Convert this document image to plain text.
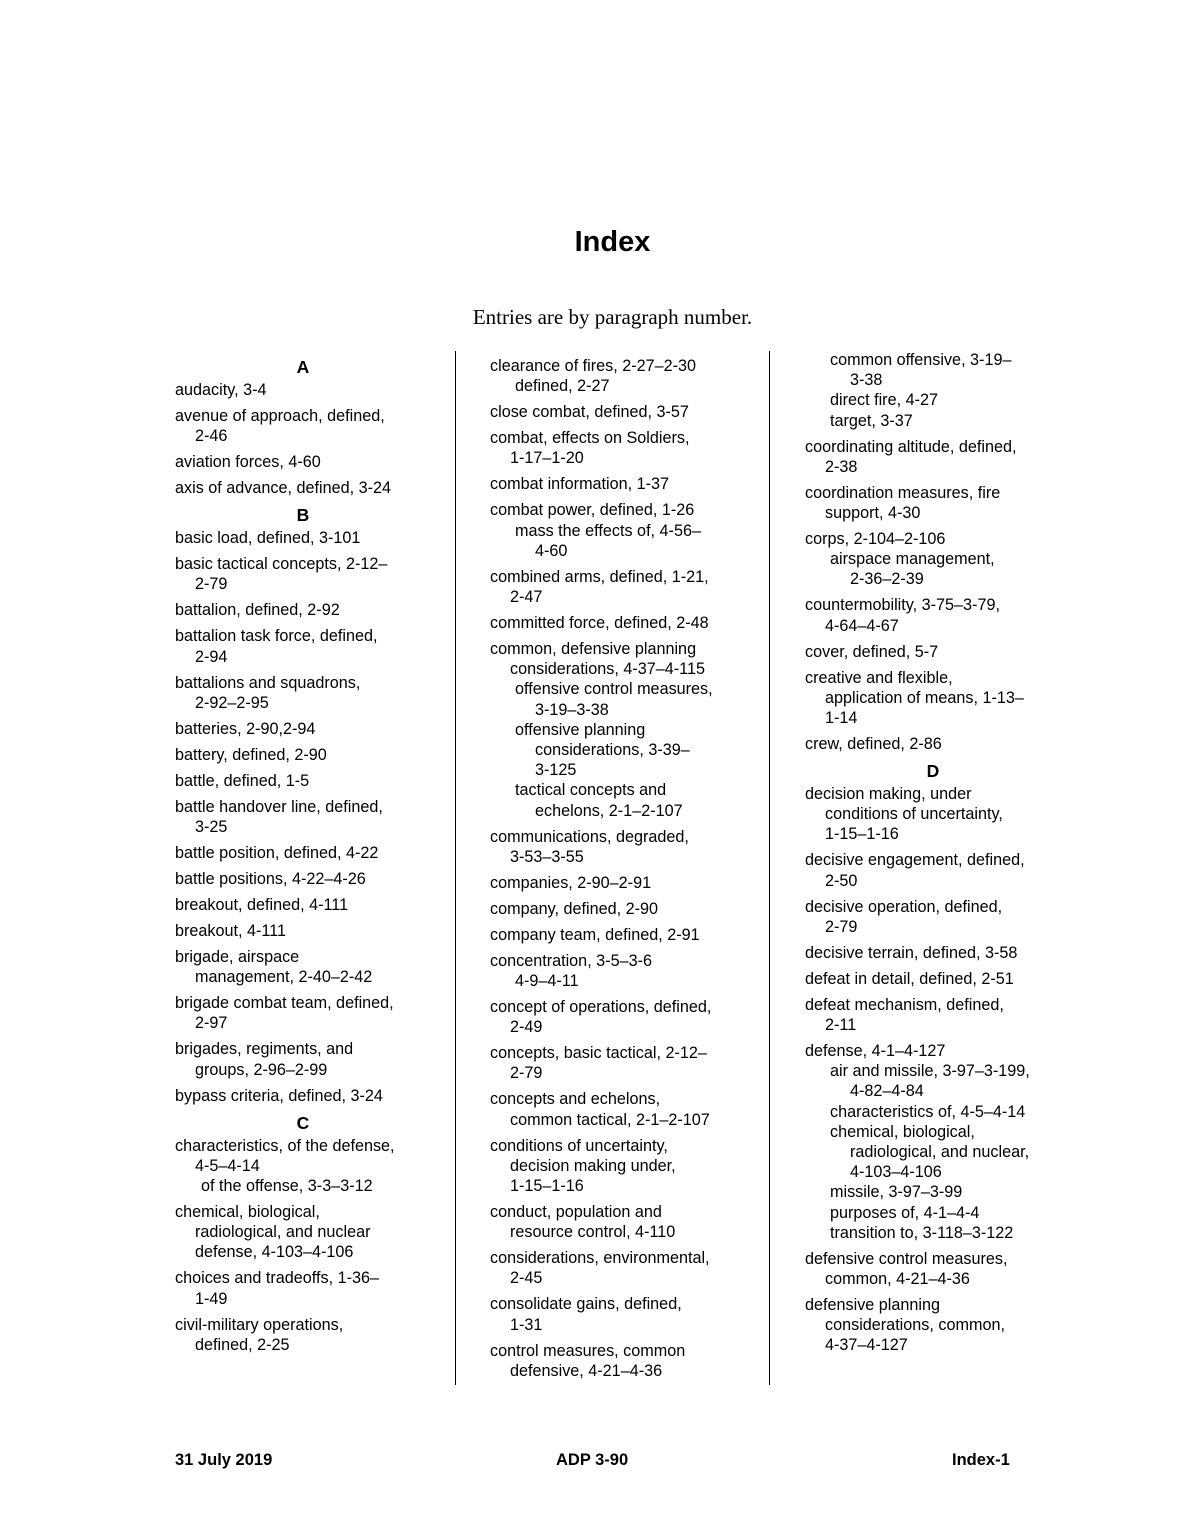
Index
Entries are by paragraph number.
A
audacity, 3-4
avenue of approach, defined,
2-46
aviation forces, 4-60
axis of advance, defined, 3-24
B
basic load, defined, 3-101
basic tactical concepts, 2-12–
2-79
battalion, defined, 2-92
battalion task force, defined,
2-94
battalions and squadrons,
2-92–2-95
batteries, 2-90,2-94
battery, defined, 2-90
battle, defined, 1-5
battle handover line, defined,
3-25
battle position, defined, 4-22
battle positions, 4-22–4-26
breakout, defined, 4-111
breakout, 4-111
brigade, airspace
management, 2-40–2-42
brigade combat team, defined,
2-97
brigades, regiments, and
groups, 2-96–2-99
bypass criteria, defined, 3-24
C
characteristics, of the defense,
4-5–4-14
of the offense, 3-3–3-12
chemical, biological,
radiological, and nuclear
defense, 4-103–4-106
choices and tradeoffs, 1-36–
1-49
civil-military operations,
defined, 2-25
clearance of fires, 2-27–2-30
defined, 2-27
close combat, defined, 3-57
combat, effects on Soldiers,
1-17–1-20
combat information, 1-37
combat power, defined, 1-26
mass the effects of, 4-56–
4-60
combined arms, defined, 1-21,
2-47
committed force, defined, 2-48
common, defensive planning
considerations, 4-37–4-115
offensive control measures,
3-19–3-38
offensive planning
considerations, 3-39–
3-125
tactical concepts and
echelons, 2-1–2-107
communications, degraded,
3-53–3-55
companies, 2-90–2-91
company, defined, 2-90
company team, defined, 2-91
concentration, 3-5–3-6
4-9–4-11
concept of operations, defined,
2-49
concepts, basic tactical, 2-12–
2-79
concepts and echelons,
common tactical, 2-1–2-107
conditions of uncertainty,
decision making under,
1-15–1-16
conduct, population and
resource control, 4-110
considerations, environmental,
2-45
consolidate gains, defined,
1-31
control measures, common
defensive, 4-21–4-36
common offensive, 3-19–
3-38
direct fire, 4-27
target, 3-37
coordinating altitude, defined,
2-38
coordination measures, fire
support, 4-30
corps, 2-104–2-106
airspace management,
2-36–2-39
countermobility, 3-75–3-79,
4-64–4-67
cover, defined, 5-7
creative and flexible,
application of means, 1-13–
1-14
crew, defined, 2-86
D
decision making, under
conditions of uncertainty,
1-15–1-16
decisive engagement, defined,
2-50
decisive operation, defined,
2-79
decisive terrain, defined, 3-58
defeat in detail, defined, 2-51
defeat mechanism, defined,
2-11
defense, 4-1–4-127
air and missile, 3-97–3-199,
4-82–4-84
characteristics of, 4-5–4-14
chemical, biological,
radiological, and nuclear,
4-103–4-106
missile, 3-97–3-99
purposes of, 4-1–4-4
transition to, 3-118–3-122
defensive control measures,
common, 4-21–4-36
defensive planning
considerations, common,
4-37–4-127
31 July 2019	ADP 3-90	Index-1
